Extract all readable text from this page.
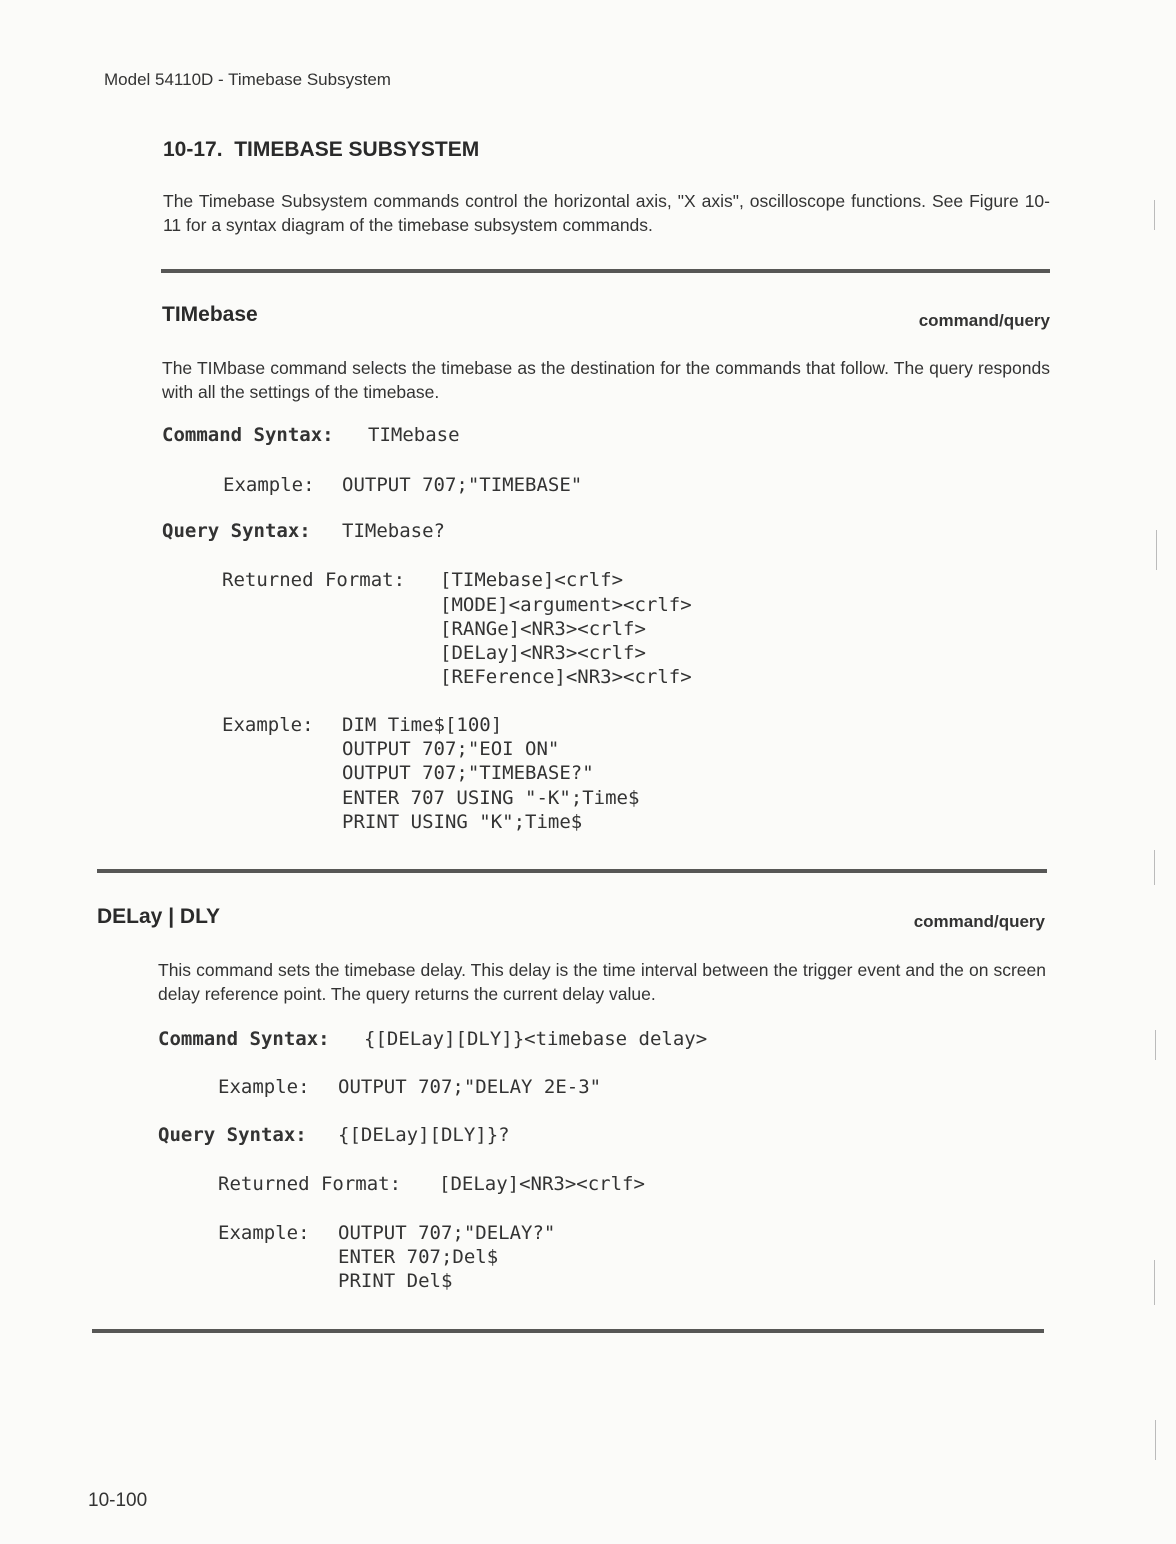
Model 54110D - Timebase Subsystem
10-17.  TIMEBASE SUBSYSTEM
The Timebase Subsystem commands control the horizontal axis, "X axis", oscilloscope functions. See Figure 10-11 for a syntax diagram of the timebase subsystem commands.
TIMebase	command/query
The TIMbase command selects the timebase as the destination for the commands that follow. The query responds with all the settings of the timebase.
Command Syntax: TIMebase
Example: OUTPUT 707;"TIMEBASE"
Query Syntax: TIMebase?
Returned Format: [TIMebase]<crlf>
[MODE]<argument><crlf>
[RANGe]<NR3><crlf>
[DELay]<NR3><crlf>
[REFerence]<NR3><crlf>
Example: DIM Time$[100]
OUTPUT 707;"EOI ON"
OUTPUT 707;"TIMEBASE?"
ENTER 707 USING "-K";Time$
PRINT USING "K";Time$
DELay | DLY	command/query
This command sets the timebase delay. This delay is the time interval between the trigger event and the on screen delay reference point. The query returns the current delay value.
Command Syntax: {[DELay][DLY]}<timebase delay>
Example: OUTPUT 707;"DELAY 2E-3"
Query Syntax: {[DELay][DLY]}?
Returned Format: [DELay]<NR3><crlf>
Example: OUTPUT 707;"DELAY?"
ENTER 707;Del$
PRINT Del$
10-100
